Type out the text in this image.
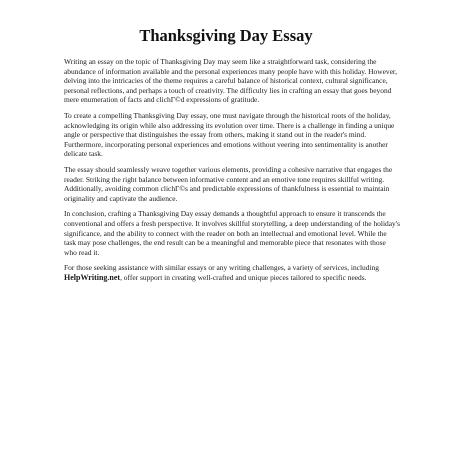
Thanksgiving Day Essay

Writing an essay on the topic of Thanksgiving Day may seem like a straightforward task, considering the abundance of information available and the personal experiences many people have with this holiday. However, delving into the intricacies of the theme requires a careful balance of historical context, cultural significance, personal reflections, and perhaps a touch of creativity. The difficulty lies in crafting an essay that goes beyond mere enumeration of facts and clichГ©d expressions of gratitude.

To create a compelling Thanksgiving Day essay, one must navigate through the historical roots of the holiday, acknowledging its origin while also addressing its evolution over time. There is a challenge in finding a unique angle or perspective that distinguishes the essay from others, making it stand out in the reader's mind. Furthermore, incorporating personal experiences and emotions without veering into sentimentality is another delicate task.

The essay should seamlessly weave together various elements, providing a cohesive narrative that engages the reader. Striking the right balance between informative content and an emotive tone requires skillful writing. Additionally, avoiding common clichГ©s and predictable expressions of thankfulness is essential to maintain originality and captivate the audience.

In conclusion, crafting a Thanksgiving Day essay demands a thoughtful approach to ensure it transcends the conventional and offers a fresh perspective. It involves skillful storytelling, a deep understanding of the holiday's significance, and the ability to connect with the reader on both an intellectual and emotional level. While the task may pose challenges, the end result can be a meaningful and memorable piece that resonates with those who read it.

For those seeking assistance with similar essays or any writing challenges, a variety of services, including HelpWriting.net, offer support in creating well-crafted and unique pieces tailored to specific needs.
